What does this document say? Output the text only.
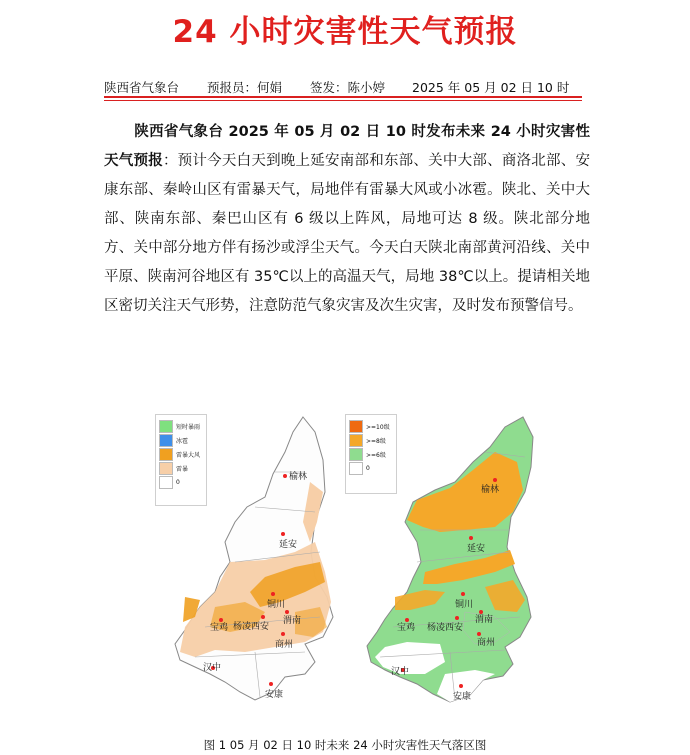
24 小时灾害性天气预报
陕西省气象台 预报员：何娟 签发：陈小婷 2025 年 05 月 02 日 10 时
陕西省气象台 2025 年 05 月 02 日 10 时发布未来 24 小时灾害性天气预报：预计今天白天到晚上延安南部和东部、关中大部、商洛北部、安康东部、秦岭山区有雷暴天气，局地伴有雷暴大风或小冰雹。陕北、关中大部、陕南东部、秦巴山区有 6 级以上阵风，局地可达 8 级。陕北部分地方、关中部分地方伴有扬沙或浮尘天气。今天白天陕北南部黄河沿线、关中平原、陕南河谷地区有 35℃以上的高温天气，局地 38℃以上。提请相关地区密切关注天气形势，注意防范气象灾害及次生灾害，及时发布预警信号。
榆林
延安
铜川
宝鸡 杨凌 西安
渭南
商州
汉中
安康
短时暴雨
冰雹
雷暴大风
雷暴
0
榆林
延安
铜川
宝鸡 杨凌 西安
渭南
商州
汉中
安康
>=10级
>=8级
>=6级
0
图 1 05 月 02 日 10 时未来 24 小时灾害性天气落区图
